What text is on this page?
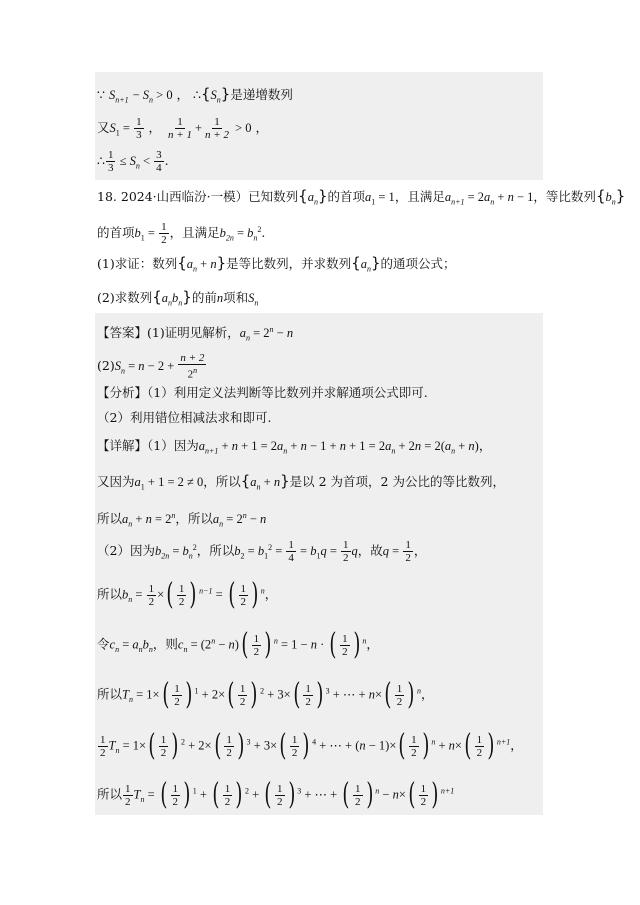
∵ $S_{n+1} - S_n > 0$ ， $\therefore\{S_n\}$是递增数列
又$S_1 = \frac{1}{3}$ ， $\frac{1}{n + 1} + \frac{1}{n + 2} > 0$ ，
∴ $\frac{1}{3} \le S_n < \frac{3}{4}$ .
18. 2024·山西临汾·一模）已知数列$\{a_n\}$的首项$a_1 = 1$，且满足$a_{n+1} = 2a_n + n - 1$，等比数列$\{b_n\}$
的首项$b_1 = \frac{1}{2}$ ，且满足$b_{2n} = b_n^2$.
(1)求证：数列$\{a_n + n\}$是等比数列，并求数列$\{a_n\}$的通项公式；
(2)求数列$\{a_nb_n\}$的前n项和$S_n$
【答案】(1)证明见解析，$a_n = 2^n - n$
$(2)S_n = n - 2 + \frac{n + 2}{2^n}$
【分析】（1）利用定义法判断等比数列并求解通项公式即可.
（2）利用错位相减法求和即可.
【详解】（1）因为$a_{n+1} + n + 1 = 2a_n + n - 1 + n + 1 = 2a_n + 2n = 2(a_n + n)$，
又因为$a_1 + 1 = 2 \ne 0$，所以$\{a_n + n\}$是以 2 为首项，2 为公比的等比数列，
所以$a_n + n = 2^n$，所以$a_n = 2^n - n$
（2）因为$b_{2n} = b_n^2$，所以$b_2 = b_1^2 = \frac{1}{4} = b_1q = \frac{1}{2}$ q，故$q = \frac{1}{2}$ ，
所以$b_n = \frac{1}{2}$ × ( $\frac{1}{2}$ ) $^{n-1}$ = ( $\frac{1}{2}$ ) $^n$，
令$c_n = a_nb_n$，则$c_n = (2^n - n)$ ( $\frac{1}{2}$ ) $^n$ = 1 − n · ( $\frac{1}{2}$ ) $^n$，
所以$T_n = 1\times$ ( $\frac{1}{2}$ ) $^1$ + 2× ( $\frac{1}{2}$ ) $^2$ + 3× ( $\frac{1}{2}$ ) $^3$ + ⋯ + n× ( $\frac{1}{2}$ ) $^n$，
$\frac{1}{2} T_n = 1\times$ ( $\frac{1}{2}$ ) $^2$ + 2× ( $\frac{1}{2}$ ) $^3$ + 3× ( $\frac{1}{2}$ ) $^4$ + ⋯ + (n − 1)× ( $\frac{1}{2}$ ) $^n$ + n× ( $\frac{1}{2}$ ) $^{n+1}$，
所以 $\frac{1}{2} T_n$ = ( $\frac{1}{2}$ ) $^1$ + ( $\frac{1}{2}$ ) $^2$ + ( $\frac{1}{2}$ ) $^3$ + ⋯ + ( $\frac{1}{2}$ ) $^n$ − n× ( $\frac{1}{2}$ ) $^{n+1}$
